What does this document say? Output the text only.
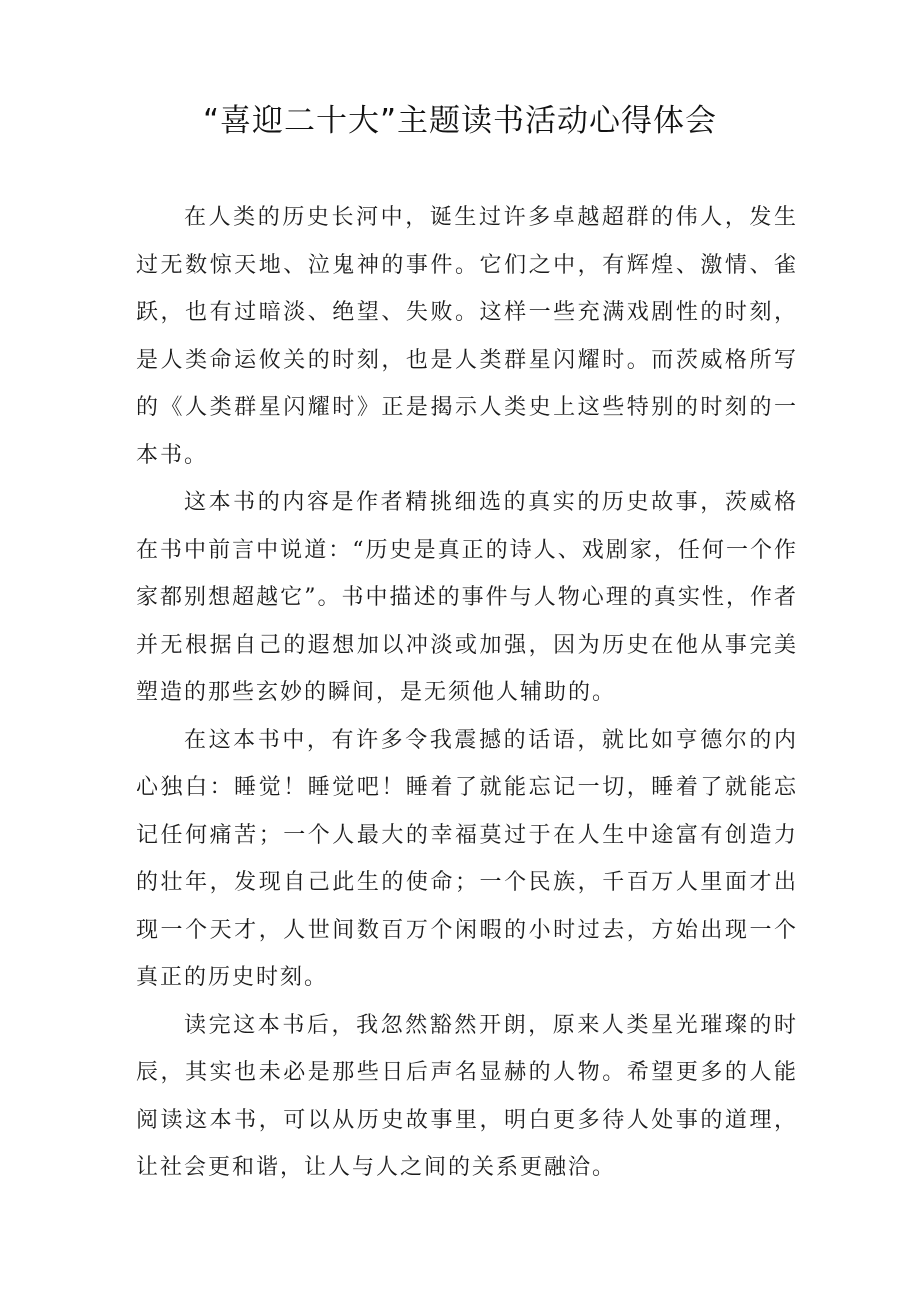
“喜迎二十大”主题读书活动心得体会

在人类的历史长河中，诞生过许多卓越超群的伟人，发生过无数惊天地、泣鬼神的事件。它们之中，有辉煌、激情、雀跃，也有过暗淡、绝望、失败。这样一些充满戏剧性的时刻，是人类命运攸关的时刻，也是人类群星闪耀时。而茨威格所写的《人类群星闪耀时》正是揭示人类史上这些特别的时刻的一本书。

这本书的内容是作者精挑细选的真实的历史故事，茨威格在书中前言中说道：“历史是真正的诗人、戏剧家，任何一个作家都别想超越它”。书中描述的事件与人物心理的真实性，作者并无根据自己的遐想加以冲淡或加强，因为历史在他从事完美塑造的那些玄妙的瞬间，是无须他人辅助的。

在这本书中，有许多令我震撼的话语，就比如亨德尔的内心独白：睡觉！睡觉吧！睡着了就能忘记一切，睡着了就能忘记任何痛苦；一个人最大的幸福莫过于在人生中途富有创造力的壮年，发现自己此生的使命；一个民族，千百万人里面才出现一个天才，人世间数百万个闲暇的小时过去，方始出现一个真正的历史时刻。

读完这本书后，我忽然豁然开朗，原来人类星光璀璨的时辰，其实也未必是那些日后声名显赫的人物。希望更多的人能阅读这本书，可以从历史故事里，明白更多待人处事的道理，让社会更和谐，让人与人之间的关系更融洽。
